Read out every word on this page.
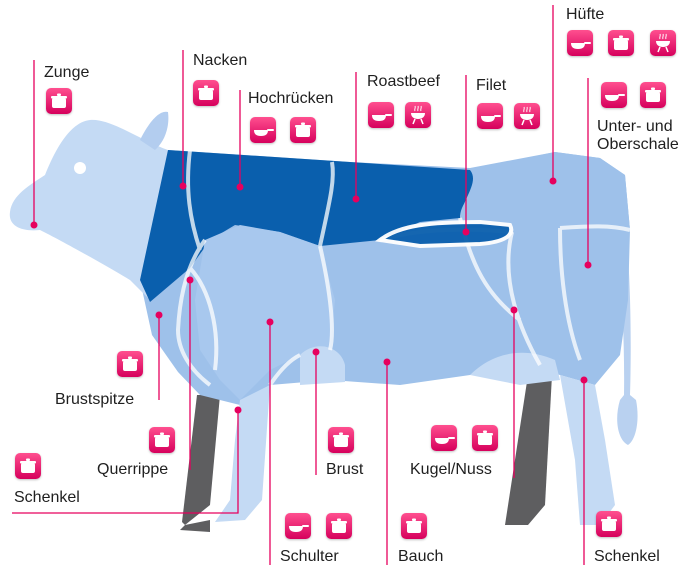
Zunge
Nacken
Hochrücken
Roastbeef Filet
Hüfte
Unter- und Oberschale
Brustspitze
Querrippe
Schenkel
Brust
Schulter	Bauch
Kugel/Nuss
Schenkel
